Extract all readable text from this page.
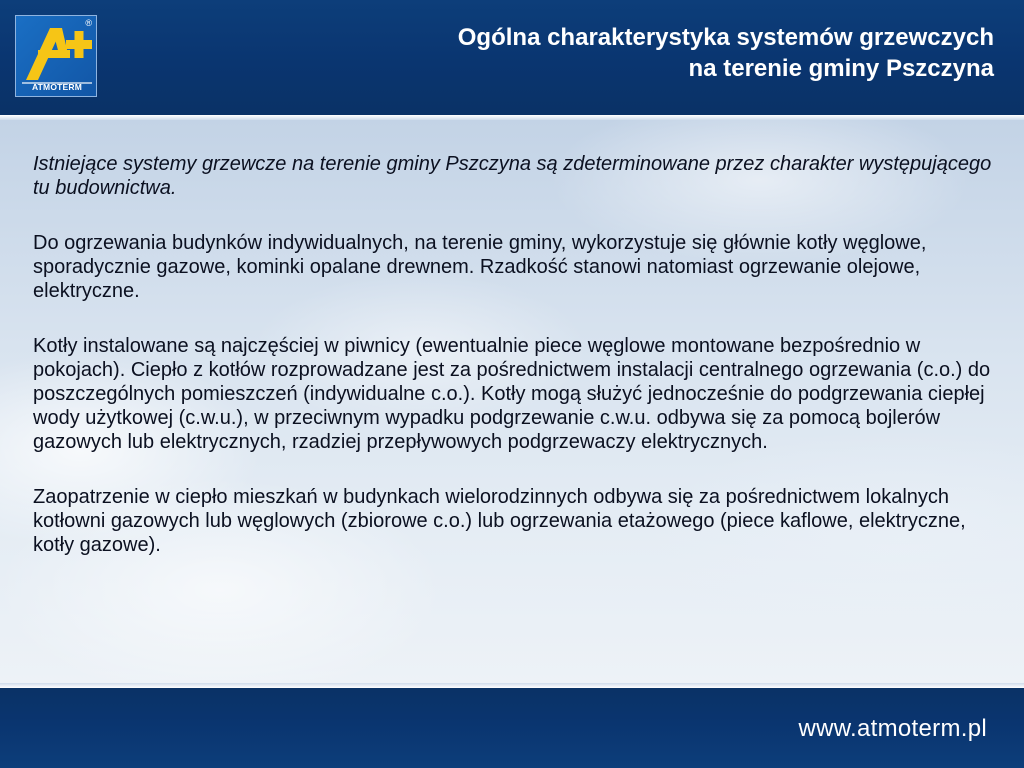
®
ATMOTERM
Ogólna charakterystyka systemów grzewczych
na terenie gminy Pszczyna

Istniejące systemy grzewcze na terenie gminy Pszczyna są zdeterminowane przez charakter występującego tu budownictwa.

Do ogrzewania budynków indywidualnych, na terenie gminy, wykorzystuje się głównie kotły węglowe, sporadycznie gazowe, kominki opalane drewnem. Rzadkość stanowi natomiast ogrzewanie olejowe, elektryczne.

Kotły instalowane są najczęściej w piwnicy (ewentualnie piece węglowe montowane bezpośrednio w pokojach). Ciepło z kotłów rozprowadzane jest za pośrednictwem instalacji centralnego ogrzewania (c.o.) do poszczególnych pomieszczeń (indywidualne c.o.). Kotły mogą służyć jednocześnie do podgrzewania ciepłej wody użytkowej (c.w.u.), w przeciwnym wypadku podgrzewanie c.w.u. odbywa się za pomocą bojlerów gazowych lub elektrycznych, rzadziej przepływowych podgrzewaczy elektrycznych.

Zaopatrzenie w ciepło mieszkań w budynkach wielorodzinnych odbywa się za pośrednictwem lokalnych kotłowni gazowych lub węglowych (zbiorowe c.o.) lub ogrzewania etażowego (piece kaflowe, elektryczne, kotły gazowe).

www.atmoterm.pl
